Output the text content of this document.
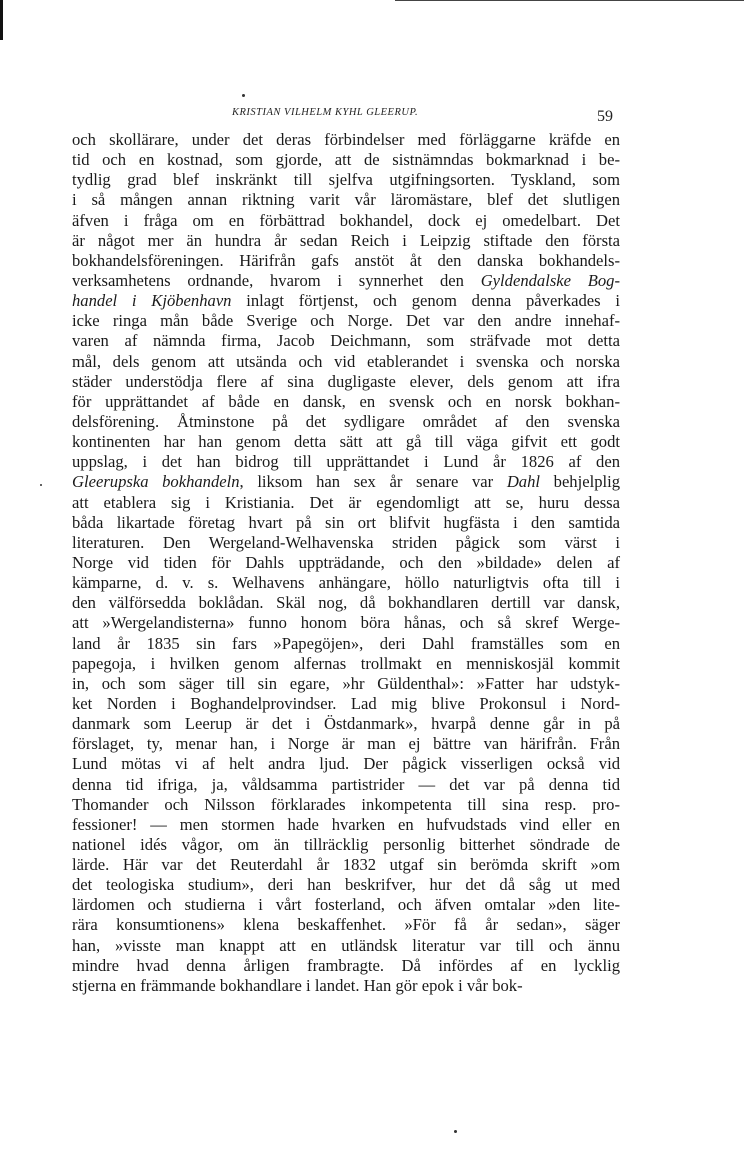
KRISTIAN VILHELM KYHL GLEERUP.	59
och skollärare, under det deras förbindelser med förläggarne kräfde en
tid och en kostnad, som gjorde, att de sistnämndas bokmarknad i be-
tydlig grad blef inskränkt till sjelfva utgifningsorten. Tyskland, som
i så mången annan riktning varit vår läromästare, blef det slutligen
äfven i fråga om en förbättrad bokhandel, dock ej omedelbart. Det
är något mer än hundra år sedan Reich i Leipzig stiftade den första
bokhandelsföreningen. Härifrån gafs anstöt åt den danska bokhandels-
verksamhetens ordnande, hvarom i synnerhet den Gyldendalske Bog-
handel i Kjöbenhavn inlagt förtjenst, och genom denna påverkades i
icke ringa mån både Sverige och Norge. Det var den andre innehaf-
varen af nämnda firma, Jacob Deichmann, som sträfvade mot detta
mål, dels genom att utsända och vid etablerandet i svenska och norska
städer understödja flere af sina dugligaste elever, dels genom att ifra
för upprättandet af både en dansk, en svensk och en norsk bokhan-
delsförening. Åtminstone på det sydligare området af den svenska
kontinenten har han genom detta sätt att gå till väga gifvit ett godt
uppslag, i det han bidrog till upprättandet i Lund år 1826 af den
Gleerupska bokhandeln, liksom han sex år senare var Dahl behjelplig
att etablera sig i Kristiania. Det är egendomligt att se, huru dessa
båda likartade företag hvart på sin ort blifvit hugfästa i den samtida
literaturen. Den Wergeland-Welhavenska striden pågick som värst i
Norge vid tiden för Dahls uppträdande, och den »bildade» delen af
kämparne, d. v. s. Welhavens anhängare, höllo naturligtvis ofta till i
den välförsedda boklådan. Skäl nog, då bokhandlaren dertill var dansk,
att »Wergelandisterna» funno honom böra hånas, och så skref Werge-
land år 1835 sin fars »Papegöjen», deri Dahl framställes som en
papegoja, i hvilken genom alfernas trollmakt en menniskosjäl kommit
in, och som säger till sin egare, »hr Güldenthal»: »Fatter har udstyk-
ket Norden i Boghandelprovindser. Lad mig blive Prokonsul i Nord-
danmark som Leerup är det i Östdanmark», hvarpå denne går in på
förslaget, ty, menar han, i Norge är man ej bättre van härifrån. Från
Lund mötas vi af helt andra ljud. Der pågick visserligen också vid
denna tid ifriga, ja, våldsamma partistrider — det var på denna tid
Thomander och Nilsson förklarades inkompetenta till sina resp. pro-
fessioner! — men stormen hade hvarken en hufvudstads vind eller en
nationel idés vågor, om än tillräcklig personlig bitterhet söndrade de
lärde. Här var det Reuterdahl år 1832 utgaf sin berömda skrift »om
det teologiska studium», deri han beskrifver, hur det då såg ut med
lärdomen och studierna i vårt fosterland, och äfven omtalar »den lite-
rära konsumtionens» klena beskaffenhet. »För få år sedan», säger
han, »visste man knappt att en utländsk literatur var till och ännu
mindre hvad denna årligen frambragte. Då infördes af en lycklig
stjerna en främmande bokhandlare i landet. Han gör epok i vår bok-
